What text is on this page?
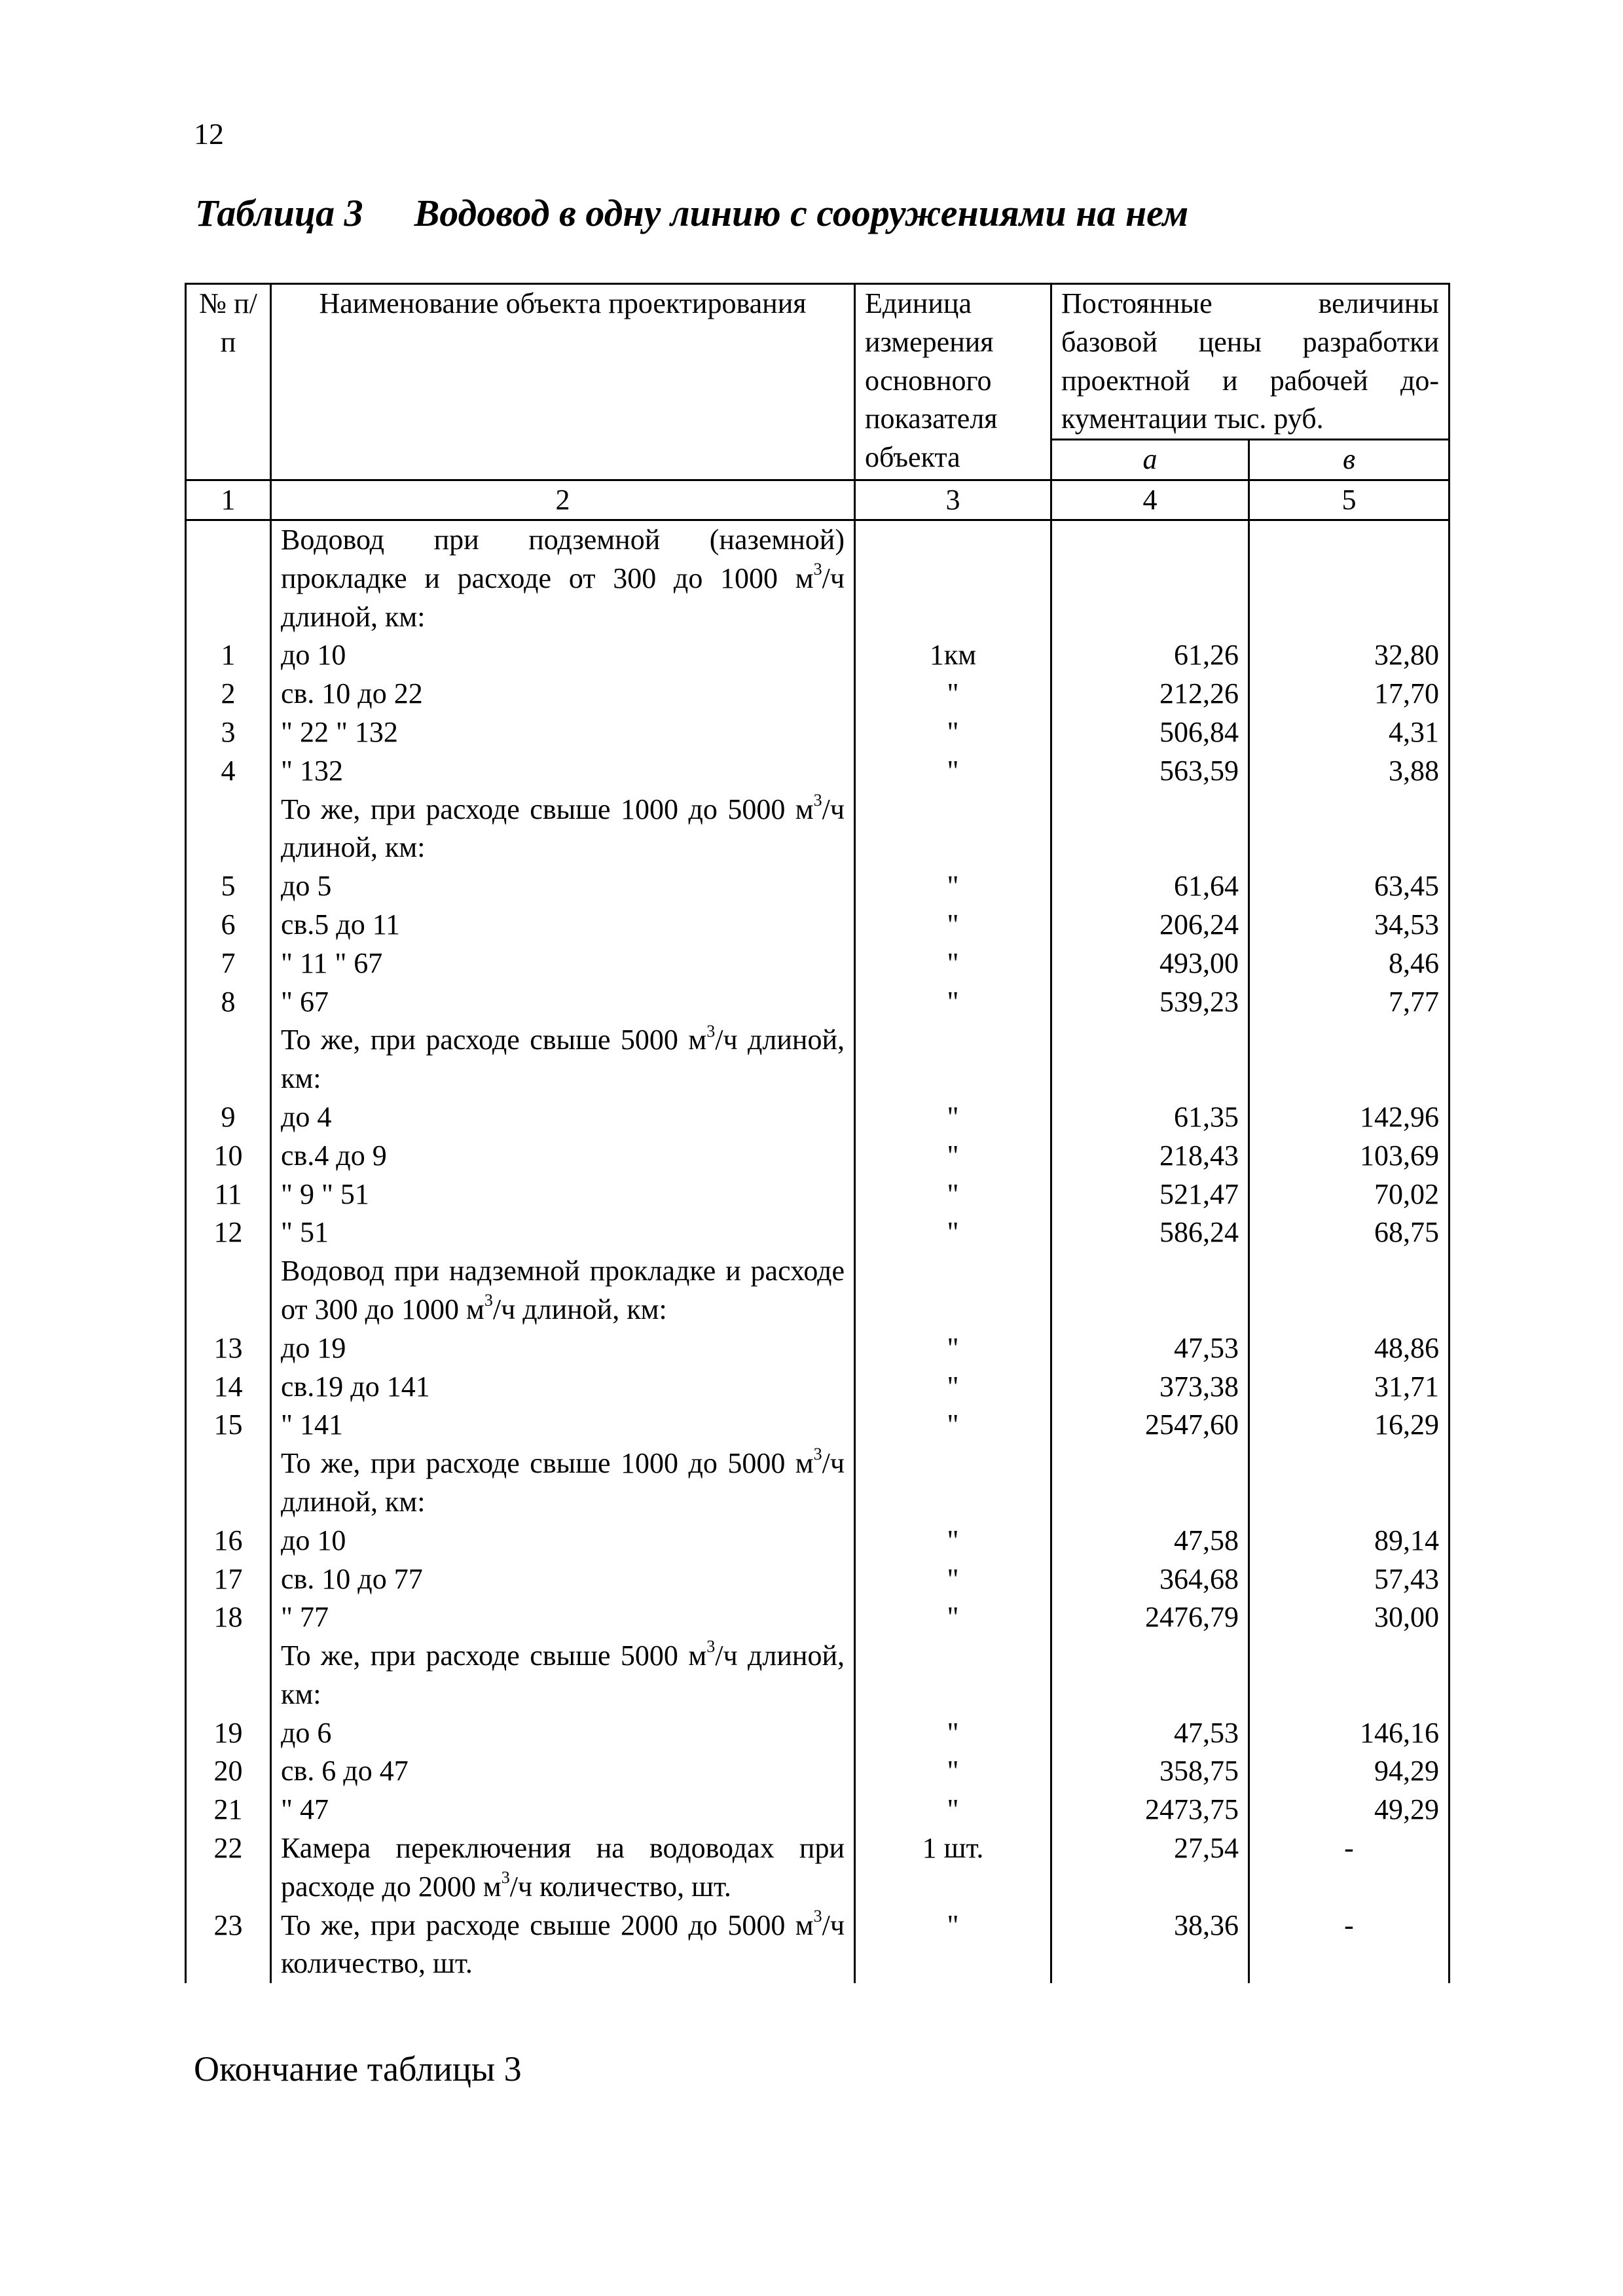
12
Таблица 3 Водовод в одну линию с сооружениями на нем
№ п/п	Наименование объекта проектирования	Единица измерения основного показателя объекта	Постоянные величины базовой цены разработки проектной и рабочей до-кументации тыс. руб.	
			а	в
1	2	3	4	5
	Водовод при подземной (наземной) прокладке и расходе от 300 до 1000 $м^3/ч$ длиной, км:			
1	до 10	1км	61,26	32,80
2	св. 10 до 22	"	212,26	17,70
3	" 22 " 132	"	506,84	4,31
4	" 132	"	563,59	3,88
	То же, при расходе свыше 1000 до 5000 $м^3/ч$ длиной, км:			
5	до 5	"	61,64	63,45
6	св.5 до 11	"	206,24	34,53
7	" 11 " 67	"	493,00	8,46
8	" 67	"	539,23	7,77
	То же, при расходе свыше 5000 $м^3/ч$ длиной, км:			
9	до 4	"	61,35	142,96
10	св.4 до 9	"	218,43	103,69
11	" 9 " 51	"	521,47	70,02
12	" 51	"	586,24	68,75
	Водовод при надземной прокладке и расходе от 300 до 1000 $м^3/ч$ длиной, км:			
13	до 19	"	47,53	48,86
14	св.19 до 141	"	373,38	31,71
15	" 141	"	2547,60	16,29
	То же, при расходе свыше 1000 до 5000 $м^3/ч$ длиной, км:			
16	до 10	"	47,58	89,14
17	св. 10 до 77	"	364,68	57,43
18	" 77	"	2476,79	30,00
	То же, при расходе свыше 5000 $м^3/ч$ длиной, км:			
19	до 6	"	47,53	146,16
20	св. 6 до 47	"	358,75	94,29
21	" 47	"	2473,75	49,29
22	Камера переключения на водоводах при расходе до 2000 $м^3/ч$ количество, шт.	1 шт.	27,54	-
23	То же, при расходе свыше 2000 до 5000 $м^3/ч$ количество, шт.	"	38,36	-
Окончание таблицы 3
